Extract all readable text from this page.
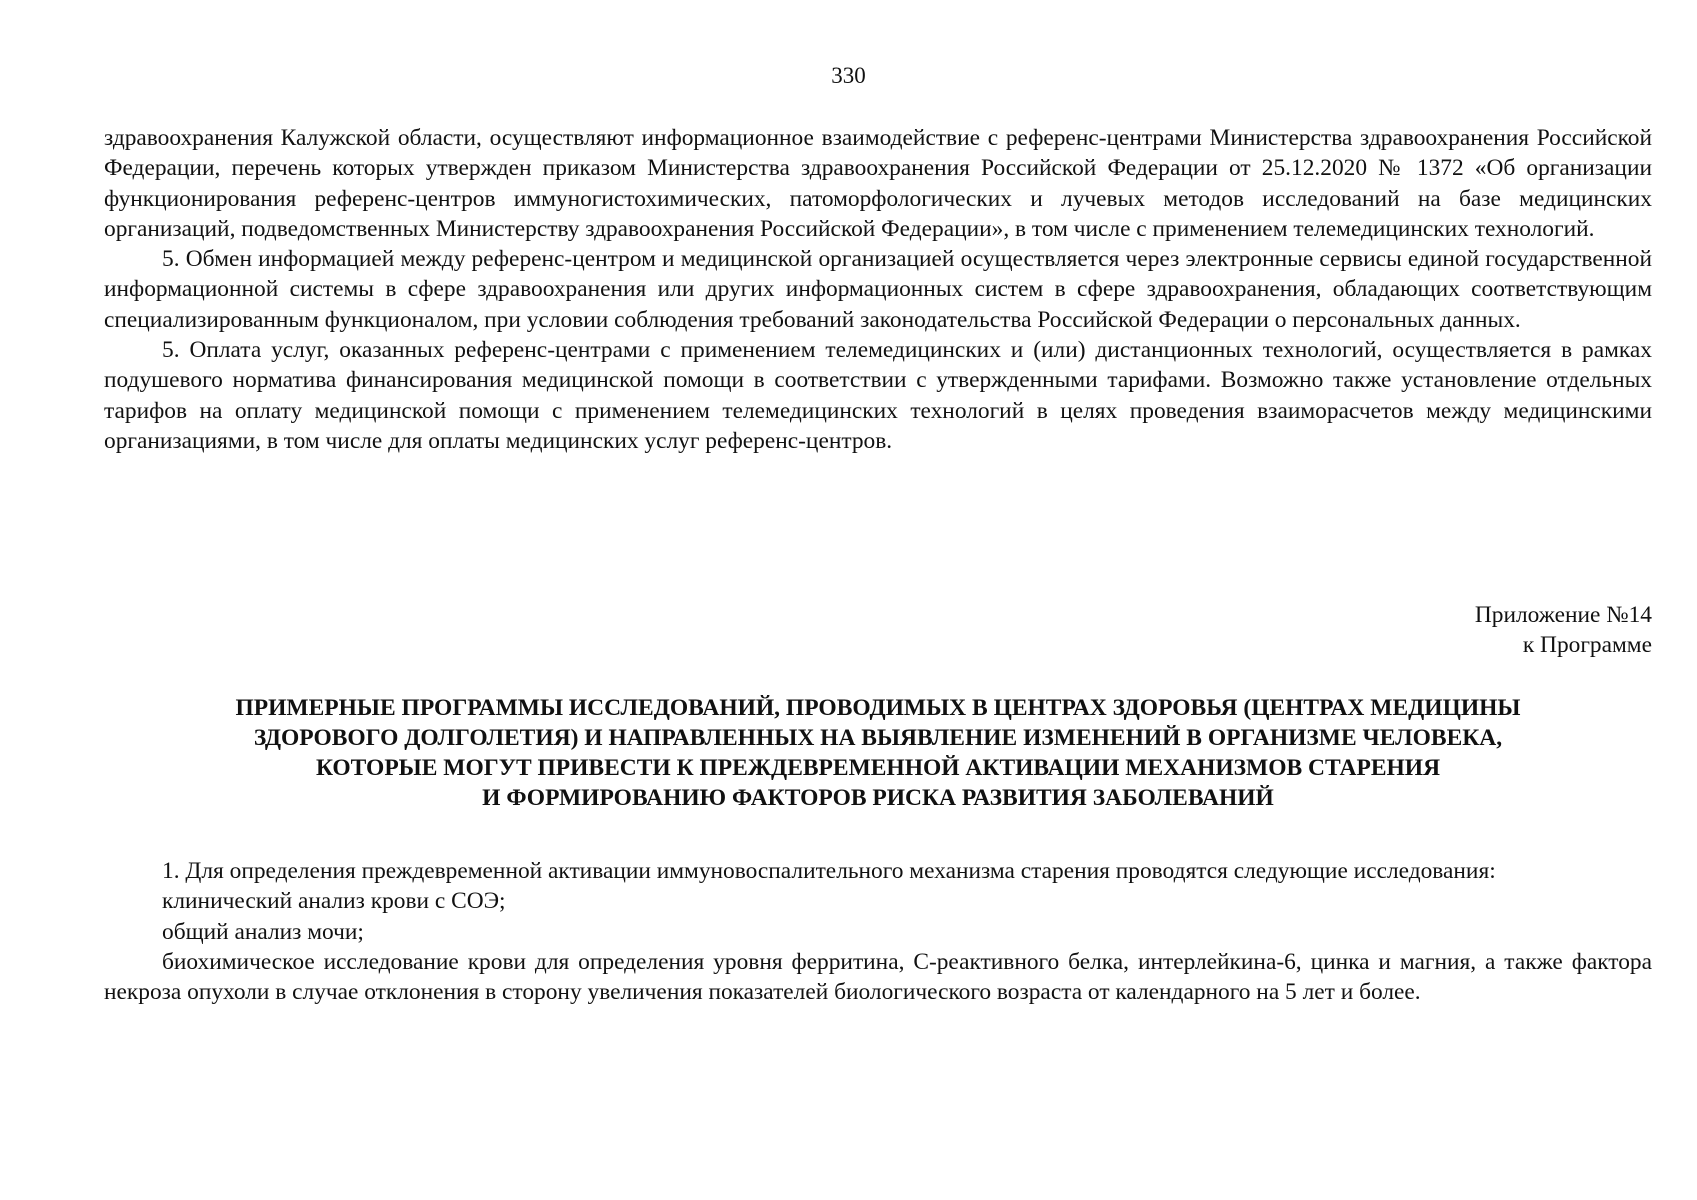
330

здравоохранения Калужской области, осуществляют информационное взаимодействие с референс-центрами Министерства здравоохранения Российской Федерации, перечень которых утвержден приказом Министерства здравоохранения Российской Федерации от 25.12.2020 № 1372 «Об организации функционирования референс-центров иммуногистохимических, патоморфологических и лучевых методов исследований на базе медицинских организаций, подведомственных Министерству здравоохранения Российской Федерации», в том числе с применением телемедицинских технологий.

5. Обмен информацией между референс-центром и медицинской организацией осуществляется через электронные сервисы единой государственной информационной системы в сфере здравоохранения или других информационных систем в сфере здравоохранения, обладающих соответствующим специализированным функционалом, при условии соблюдения требований законодательства Российской Федерации о персональных данных.

5. Оплата услуг, оказанных референс-центрами с применением телемедицинских и (или) дистанционных технологий, осуществляется в рамках подушевого норматива финансирования медицинской помощи в соответствии с утвержденными тарифами. Возможно также установление отдельных тарифов на оплату медицинской помощи с применением телемедицинских технологий в целях проведения взаиморасчетов между медицинскими организациями, в том числе для оплаты медицинских услуг референс-центров.

Приложение №14
к Программе
ПРИМЕРНЫЕ ПРОГРАММЫ ИССЛЕДОВАНИЙ, ПРОВОДИМЫХ В ЦЕНТРАХ ЗДОРОВЬЯ (ЦЕНТРАХ МЕДИЦИНЫ
ЗДОРОВОГО ДОЛГОЛЕТИЯ) И НАПРАВЛЕННЫХ НА ВЫЯВЛЕНИЕ ИЗМЕНЕНИЙ В ОРГАНИЗМЕ ЧЕЛОВЕКА,
КОТОРЫЕ МОГУТ ПРИВЕСТИ К ПРЕЖДЕВРЕМЕННОЙ АКТИВАЦИИ МЕХАНИЗМОВ СТАРЕНИЯ
И ФОРМИРОВАНИЮ ФАКТОРОВ РИСКА РАЗВИТИЯ ЗАБОЛЕВАНИЙ

1. Для определения преждевременной активации иммуновоспалительного механизма старения проводятся следующие исследования:

клинический анализ крови с СОЭ;

общий анализ мочи;

биохимическое исследование крови для определения уровня ферритина, С-реактивного белка, интерлейкина-6, цинка и магния, а также фактора некроза опухоли в случае отклонения в сторону увеличения показателей биологического возраста от календарного на 5 лет и более.
